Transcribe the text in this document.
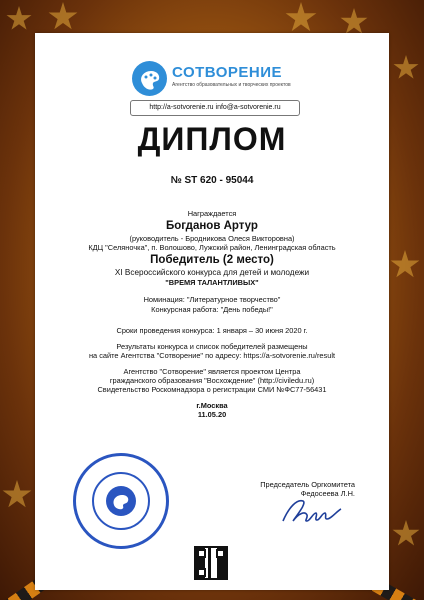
СОТВОРЕНИЕ
Агентство образовательных и творческих проектов
http://a-sotvorenie.ru info@a-sotvorenie.ru
ДИПЛОМ
№ ST 620 - 95044
Награждается
Богданов Артур
(руководитель - Бродникова Олеся Викторовна)
КДЦ "Селяночка", п. Волошово, Лужский район, Ленинградская область
Победитель (2 место)
XI Всероссийского конкурса для детей и молодежи
"ВРЕМЯ ТАЛАНТЛИВЫХ"
Номинация: "Литературное творчество"
Конкурсная работа: "День победы!"
Сроки проведения конкурса: 1 января – 30 июня 2020 г.
Результаты конкурса и список победителей размещены
на сайте Агентства "Сотворение" по адресу: https://a-sotvorenie.ru/result
Агентство "Сотворение" является проектом Центра
гражданского образования "Восхождение" (http://civiledu.ru)
Свидетельство Роскомнадзора о регистрации СМИ №ФС77-56431
г.Москва
11.05.20
Председатель Оргкомитета
Федосеева Л.Н.
